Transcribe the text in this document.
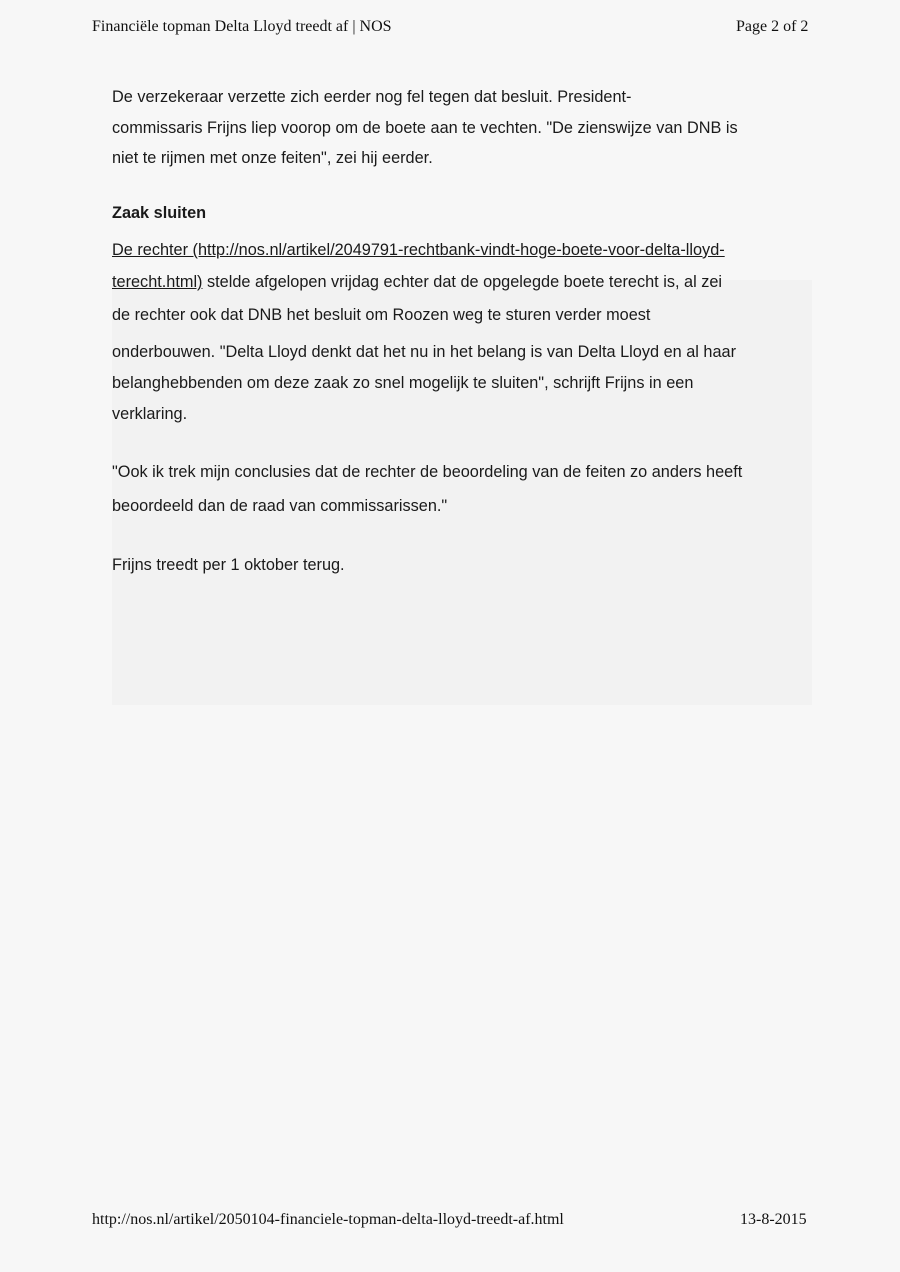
Financiële topman Delta Lloyd treedt af | NOS	Page 2 of 2
De verzekeraar verzette zich eerder nog fel tegen dat besluit. President-
commissaris Frijns liep voorop om de boete aan te vechten. "De zienswijze van DNB is
niet te rijmen met onze feiten", zei hij eerder.
Zaak sluiten
De rechter (http://nos.nl/artikel/2049791-rechtbank-vindt-hoge-boete-voor-delta-lloyd-
terecht.html) stelde afgelopen vrijdag echter dat de opgelegde boete terecht is, al zei
de rechter ook dat DNB het besluit om Roozen weg te sturen verder moest
onderbouwen. "Delta Lloyd denkt dat het nu in het belang is van Delta Lloyd en al haar
belanghebbenden om deze zaak zo snel mogelijk te sluiten", schrijft Frijns in een
verklaring.
"Ook ik trek mijn conclusies dat de rechter de beoordeling van de feiten zo anders heeft
beoordeeld dan de raad van commissarissen."
Frijns treedt per 1 oktober terug.
http://nos.nl/artikel/2050104-financiele-topman-delta-lloyd-treedt-af.html	13-8-2015
